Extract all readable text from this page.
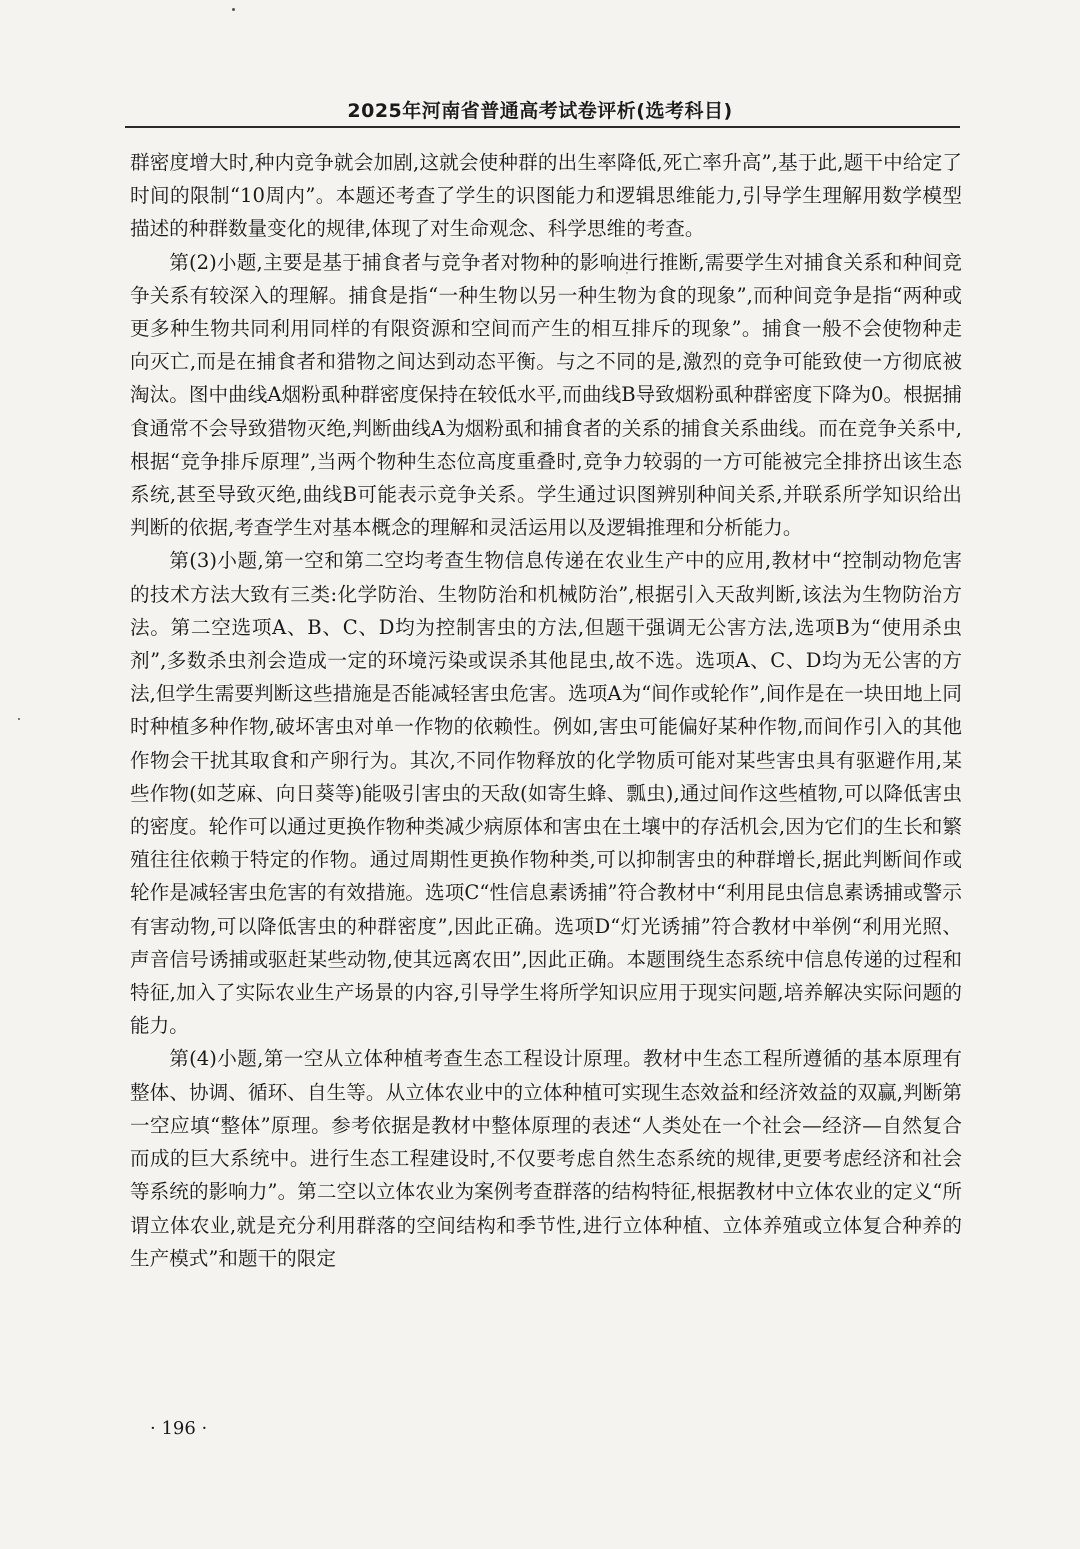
2025年河南省普通高考试卷评析(选考科目)

群密度增大时,种内竞争就会加剧,这就会使种群的出生率降低,死亡率升高”,基于此,题干中给定了时间的限制“10周内”。本题还考查了学生的识图能力和逻辑思维能力,引导学生理解用数学模型描述的种群数量变化的规律,体现了对生命观念、科学思维的考查。

第(2)小题,主要是基于捕食者与竞争者对物种的影响进行推断,需要学生对捕食关系和种间竞争关系有较深入的理解。捕食是指“一种生物以另一种生物为食的现象”,而种间竞争是指“两种或更多种生物共同利用同样的有限资源和空间而产生的相互排斥的现象”。捕食一般不会使物种走向灭亡,而是在捕食者和猎物之间达到动态平衡。与之不同的是,激烈的竞争可能致使一方彻底被淘汰。图中曲线A烟粉虱种群密度保持在较低水平,而曲线B导致烟粉虱种群密度下降为0。根据捕食通常不会导致猎物灭绝,判断曲线A为烟粉虱和捕食者的关系的捕食关系曲线。而在竞争关系中,根据“竞争排斥原理”,当两个物种生态位高度重叠时,竞争力较弱的一方可能被完全排挤出该生态系统,甚至导致灭绝,曲线B可能表示竞争关系。学生通过识图辨别种间关系,并联系所学知识给出判断的依据,考查学生对基本概念的理解和灵活运用以及逻辑推理和分析能力。

第(3)小题,第一空和第二空均考查生物信息传递在农业生产中的应用,教材中“控制动物危害的技术方法大致有三类:化学防治、生物防治和机械防治”,根据引入天敌判断,该法为生物防治方法。第二空选项A、B、C、D均为控制害虫的方法,但题干强调无公害方法,选项B为“使用杀虫剂”,多数杀虫剂会造成一定的环境污染或误杀其他昆虫,故不选。选项A、C、D均为无公害的方法,但学生需要判断这些措施是否能减轻害虫危害。选项A为“间作或轮作”,间作是在一块田地上同时种植多种作物,破坏害虫对单一作物的依赖性。例如,害虫可能偏好某种作物,而间作引入的其他作物会干扰其取食和产卵行为。其次,不同作物释放的化学物质可能对某些害虫具有驱避作用,某些作物(如芝麻、向日葵等)能吸引害虫的天敌(如寄生蜂、瓢虫),通过间作这些植物,可以降低害虫的密度。轮作可以通过更换作物种类减少病原体和害虫在土壤中的存活机会,因为它们的生长和繁殖往往依赖于特定的作物。通过周期性更换作物种类,可以抑制害虫的种群增长,据此判断间作或轮作是减轻害虫危害的有效措施。选项C“性信息素诱捕”符合教材中“利用昆虫信息素诱捕或警示有害动物,可以降低害虫的种群密度”,因此正确。选项D“灯光诱捕”符合教材中举例“利用光照、声音信号诱捕或驱赶某些动物,使其远离农田”,因此正确。本题围绕生态系统中信息传递的过程和特征,加入了实际农业生产场景的内容,引导学生将所学知识应用于现实问题,培养解决实际问题的能力。

第(4)小题,第一空从立体种植考查生态工程设计原理。教材中生态工程所遵循的基本原理有整体、协调、循环、自生等。从立体农业中的立体种植可实现生态效益和经济效益的双赢,判断第一空应填“整体”原理。参考依据是教材中整体原理的表述“人类处在一个社会—经济—自然复合而成的巨大系统中。进行生态工程建设时,不仅要考虑自然生态系统的规律,更要考虑经济和社会等系统的影响力”。第二空以立体农业为案例考查群落的结构特征,根据教材中立体农业的定义“所谓立体农业,就是充分利用群落的空间结构和季节性,进行立体种植、立体养殖或立体复合种养的生产模式”和题干的限定

· 196 ·
